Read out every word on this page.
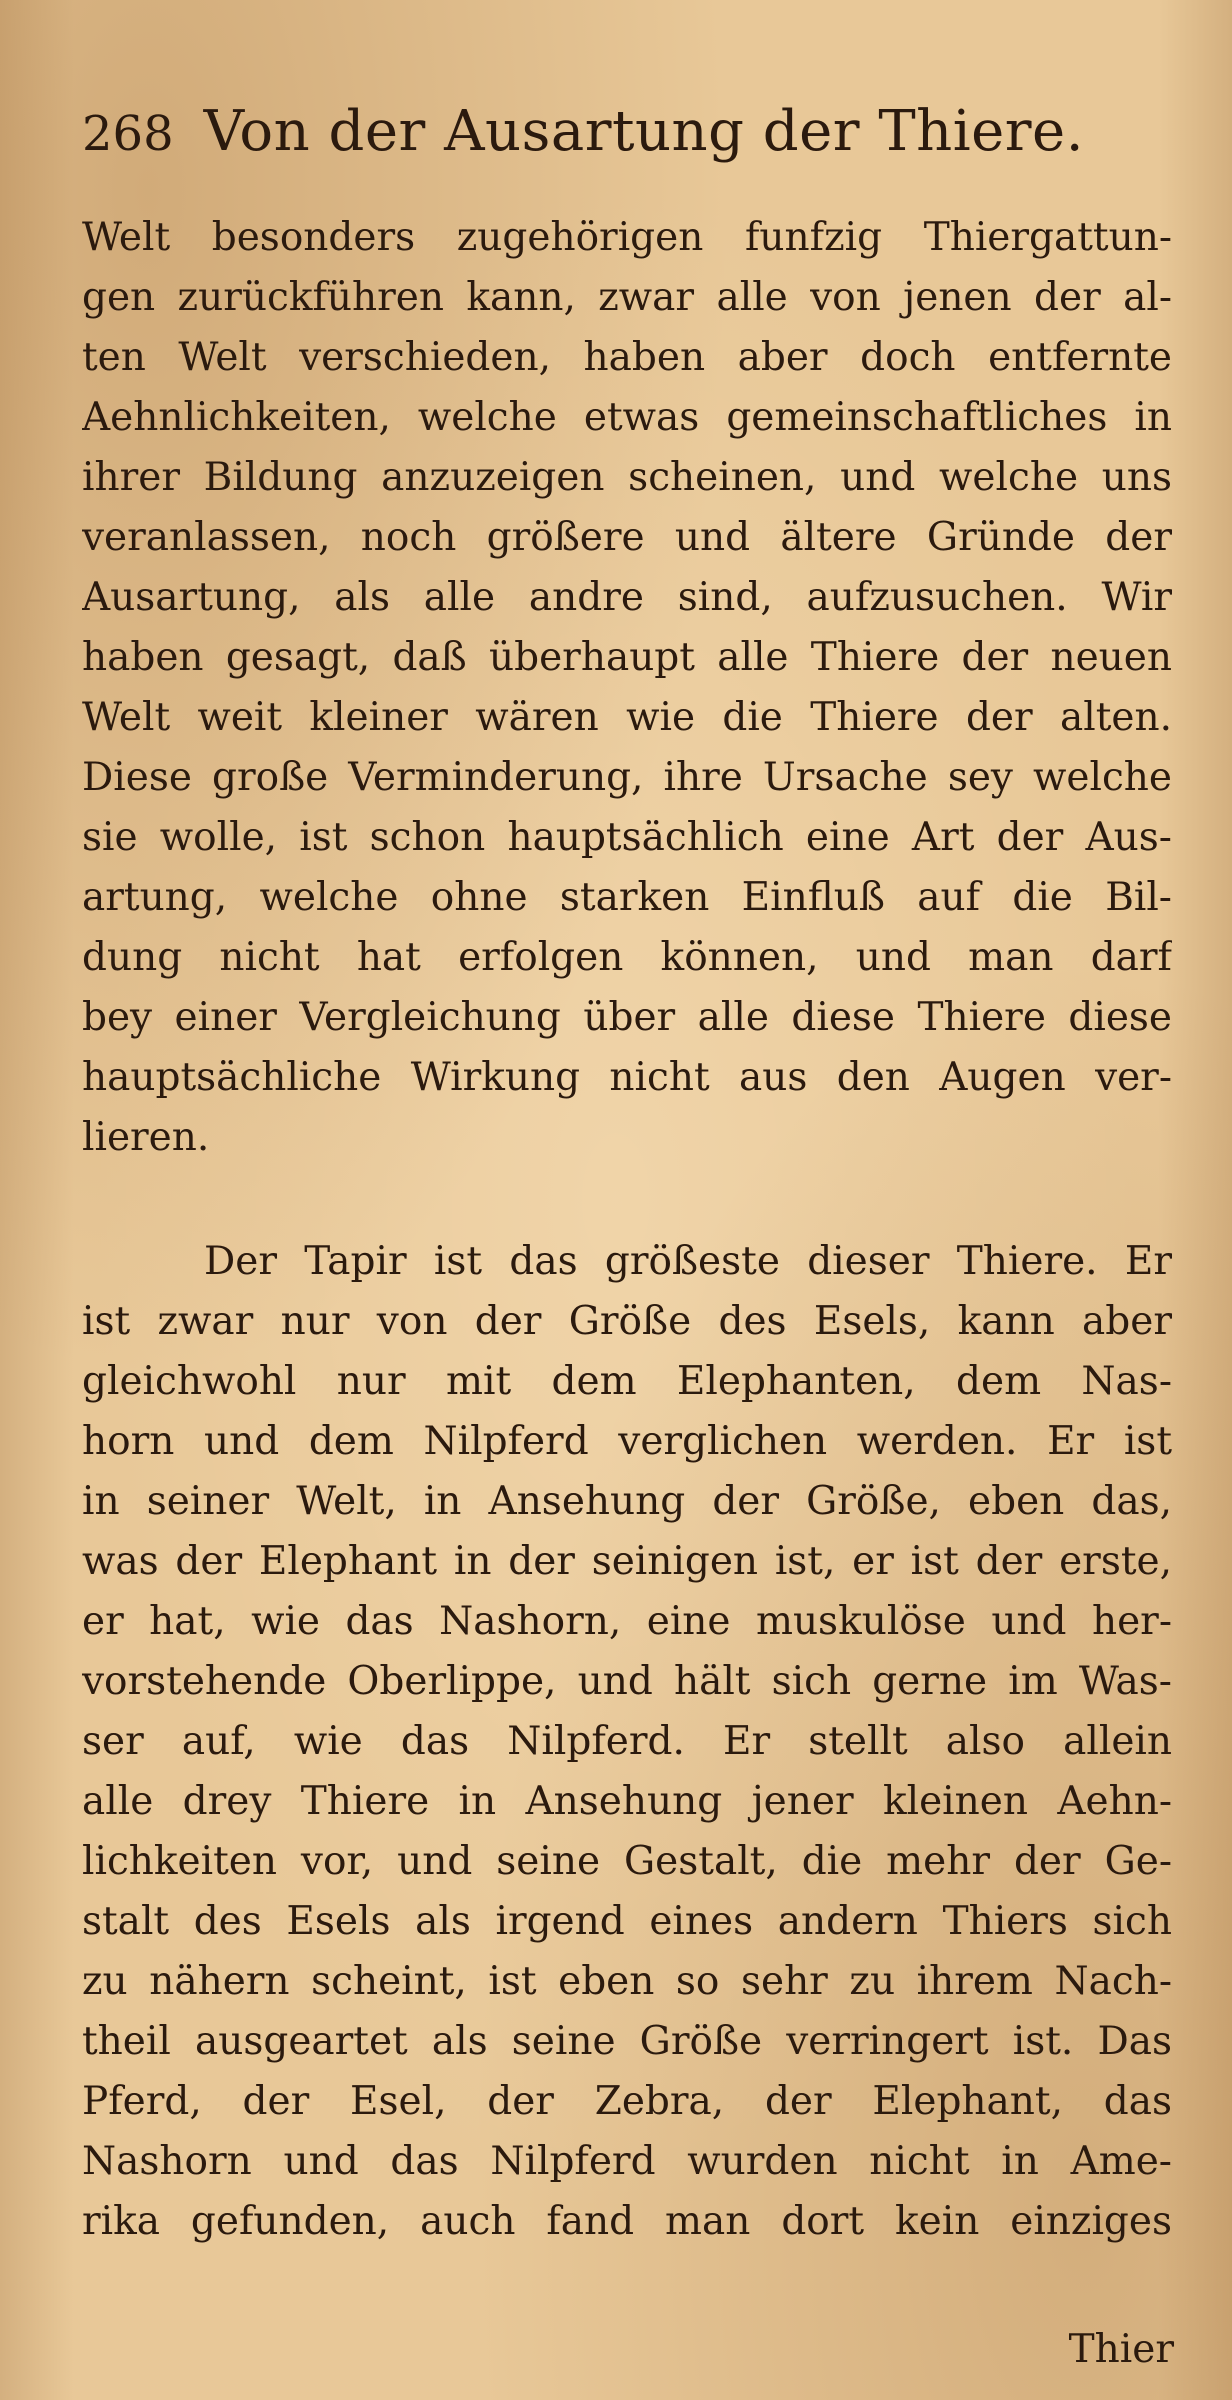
268 Von der Ausartung der Thiere.
Welt besonders zugehörigen funfzig Thiergattun-
gen zurückführen kann, zwar alle von jenen der al-
ten Welt verschieden, haben aber doch entfernte
Aehnlichkeiten, welche etwas gemeinschaftliches in
ihrer Bildung anzuzeigen scheinen, und welche uns
veranlassen, noch größere und ältere Gründe der
Ausartung, als alle andre sind, aufzusuchen. Wir
haben gesagt, daß überhaupt alle Thiere der neuen
Welt weit kleiner wären wie die Thiere der alten.
Diese große Verminderung, ihre Ursache sey welche
sie wolle, ist schon hauptsächlich eine Art der Aus-
artung, welche ohne starken Einfluß auf die Bil-
dung nicht hat erfolgen können, und man darf
bey einer Vergleichung über alle diese Thiere diese
hauptsächliche Wirkung nicht aus den Augen ver-
lieren.
Der Tapir ist das größeste dieser Thiere. Er
ist zwar nur von der Größe des Esels, kann aber
gleichwohl nur mit dem Elephanten, dem Nas-
horn und dem Nilpferd verglichen werden. Er ist
in seiner Welt, in Ansehung der Größe, eben das,
was der Elephant in der seinigen ist, er ist der erste,
er hat, wie das Nashorn, eine muskulöse und her-
vorstehende Oberlippe, und hält sich gerne im Was-
ser auf, wie das Nilpferd. Er stellt also allein
alle drey Thiere in Ansehung jener kleinen Aehn-
lichkeiten vor, und seine Gestalt, die mehr der Ge-
stalt des Esels als irgend eines andern Thiers sich
zu nähern scheint, ist eben so sehr zu ihrem Nach-
theil ausgeartet als seine Größe verringert ist. Das
Pferd, der Esel, der Zebra, der Elephant, das
Nashorn und das Nilpferd wurden nicht in Ame-
rika gefunden, auch fand man dort kein einziges
Thier
